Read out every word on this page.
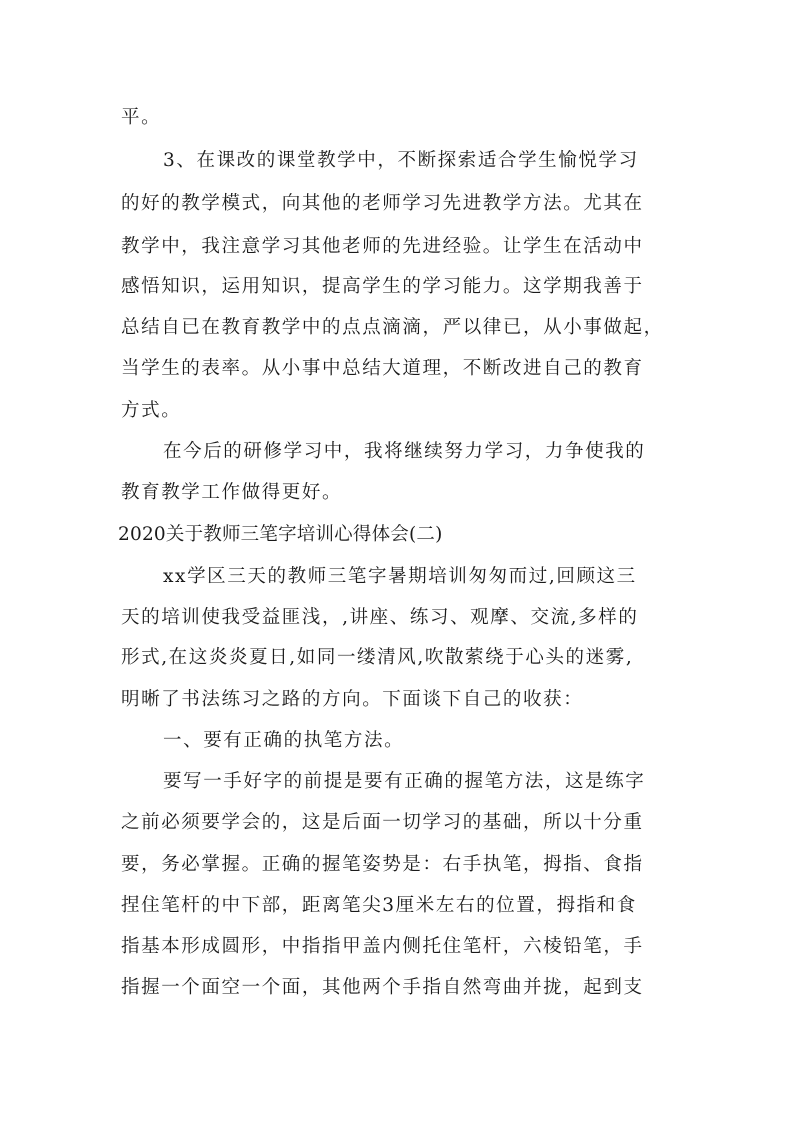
平。
3、在课改的课堂教学中，不断探索适合学生愉悦学习
的好的教学模式，向其他的老师学习先进教学方法。尤其在
教学中，我注意学习其他老师的先进经验。让学生在活动中
感悟知识，运用知识，提高学生的学习能力。这学期我善于
总结自已在教育教学中的点点滴滴，严以律已，从小事做起，
当学生的表率。从小事中总结大道理，不断改进自己的教育
方式。
在今后的研修学习中，我将继续努力学习，力争使我的
教育教学工作做得更好。
2020关于教师三笔字培训心得体会(二)
xx学区三天的教师三笔字暑期培训匆匆而过,回顾这三
天的培训使我受益匪浅，,讲座、练习、观摩、交流,多样的
形式,在这炎炎夏日,如同一缕清风,吹散萦绕于心头的迷雾,
明晰了书法练习之路的方向。下面谈下自己的收获：
一、要有正确的执笔方法。
要写一手好字的前提是要有正确的握笔方法，这是练字
之前必须要学会的，这是后面一切学习的基础，所以十分重
要，务必掌握。正确的握笔姿势是：右手执笔，拇指、食指
捏住笔杆的中下部，距离笔尖3厘米左右的位置，拇指和食
指基本形成圆形，中指指甲盖内侧托住笔杆，六棱铅笔，手
指握一个面空一个面，其他两个手指自然弯曲并拢，起到支
